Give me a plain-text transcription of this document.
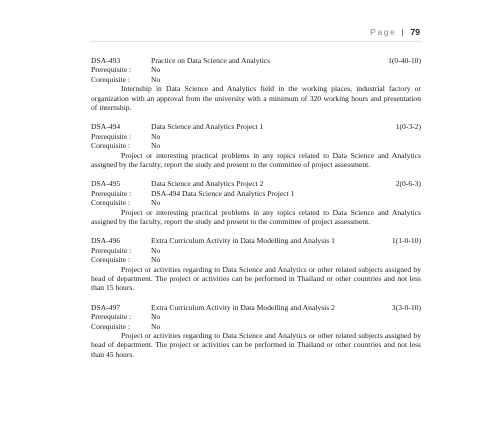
Page | 79
DSA-493	Practice on Data Science and Analytics	1(0-40-10)
Prerequisite :	No
Corequisite :	No
Internship in Data Science and Analytics field in the working places, industrial factory or organization with an approval from the university with a minimum of 320 working hours and presentation of internship.
DSA-494	Data Science and Analytics Project 1	1(0-3-2)
Prerequisite :	No
Corequisite :	No
Project or interesting practical problems in any topics related to Data Science and Analytics assigned by the faculty, report the study and present to the committee of project assessment.
DSA-495	Data Science and Analytics Project 2	2(0-6-3)
Prerequisite :	DSA-494 Data Science and Analytics Project 1
Corequisite :	No
Project or interesting practical problems in any topics related to Data Science and Analytics assigned by the faculty, report the study and present to the committee of project assessment.
DSA-496	Extra Curriculum Activity in Data Modelling and Analysis 1	1(1-0-10)
Prerequisite :	No
Corequisite :	No
Project or activities regarding to Data Science and Analytics or other related subjects assigned by head of department. The project or activities can be performed in Thailand or other countries and not less than 15 hours.
DSA-497	Extra Curriculum Activity in Data Modelling and Analysis 2	3(3-0-10)
Prerequisite :	No
Corequisite :	No
Project or activities regarding to Data Science and Analytics or other related subjects assigned by head of department. The project or activities can be performed in Thailand or other countries and not less than 45 hours.
